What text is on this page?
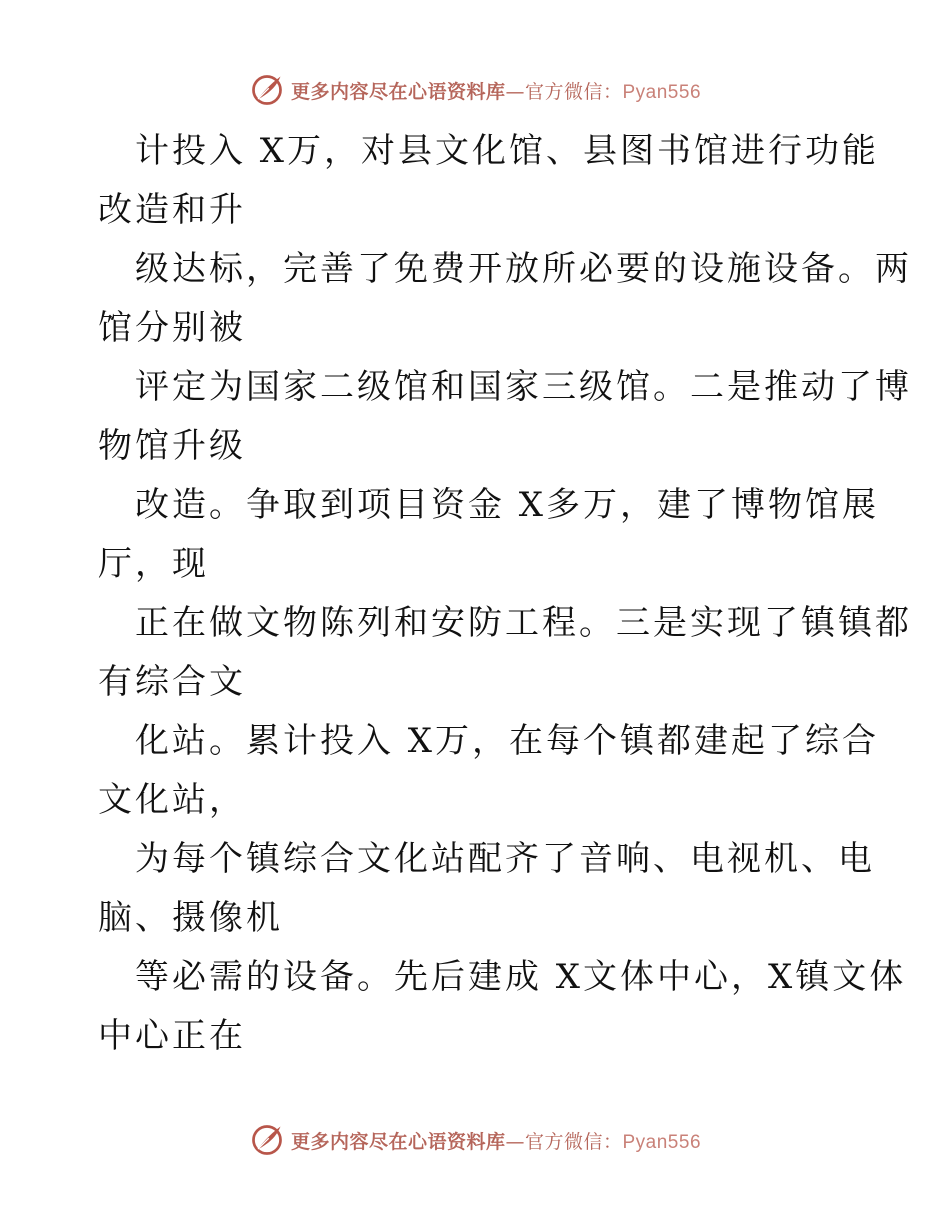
更多内容尽在心语资料库—官方微信：Pyan556
计投入 X万，对县文化馆、县图书馆进行功能
改造和升
级达标，完善了免费开放所必要的设施设备。两
馆分别被
评定为国家二级馆和国家三级馆。二是推动了博
物馆升级
改造。争取到项目资金 X多万，建了博物馆展
厅，现
正在做文物陈列和安防工程。三是实现了镇镇都
有综合文
化站。累计投入 X万，在每个镇都建起了综合
文化站，
为每个镇综合文化站配齐了音响、电视机、电
脑、摄像机
等必需的设备。先后建成 X文体中心，X镇文体
中心正在
更多内容尽在心语资料库—官方微信：Pyan556
